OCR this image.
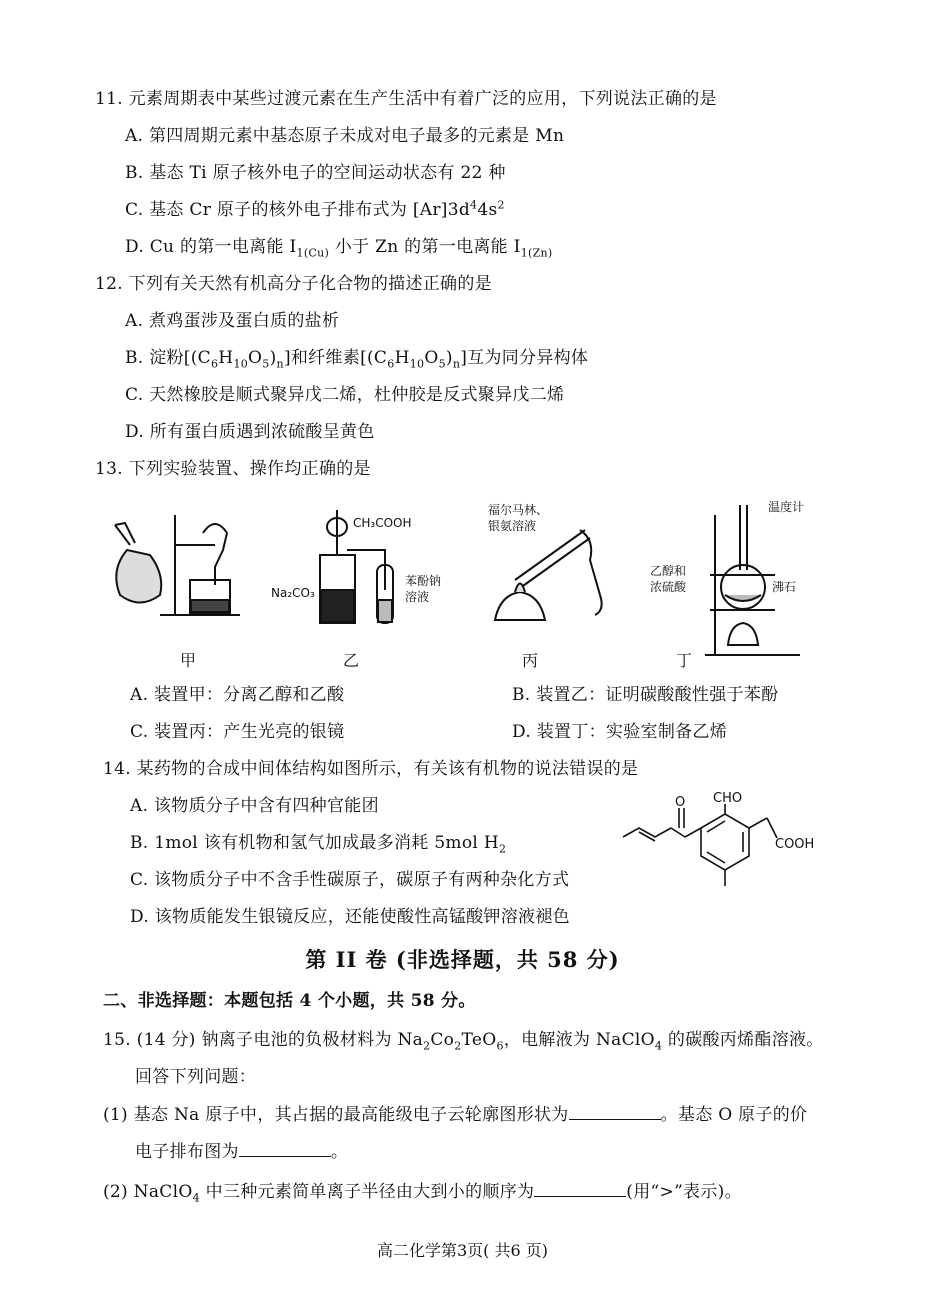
11. 元素周期表中某些过渡元素在生产生活中有着广泛的应用，下列说法正确的是
A. 第四周期元素中基态原子未成对电子最多的元素是 Mn
B. 基态 Ti 原子核外电子的空间运动状态有 22 种
C. 基态 Cr 原子的核外电子排布式为 $[Ar]3d^44s^2$
D. Cu 的第一电离能 $I_{1(Cu)}$ 小于 Zn 的第一电离能 $I_{1(Zn)}$
12. 下列有关天然有机高分子化合物的描述正确的是
A. 煮鸡蛋涉及蛋白质的盐析
B. 淀粉$[(C_6H_{10}O_5)_n]$和纤维素$[(C_6H_{10}O_5)_n]$互为同分异构体
C. 天然橡胶是顺式聚异戊二烯，杜仲胶是反式聚异戊二烯
D. 所有蛋白质遇到浓硫酸呈黄色
13. 下列实验装置、操作均正确的是
甲
CH₃COOH
Na₂CO₃
苯酚钠
溶液
乙
福尔马林、
银氨溶液
丙
温度计
乙醇和
浓硫酸	沸石
丁
A. 装置甲：分离乙醇和乙酸	B. 装置乙：证明碳酸酸性强于苯酚
C. 装置丙：产生光亮的银镜	D. 装置丁：实验室制备乙烯
14. 某药物的合成中间体结构如图所示，有关该有机物的说法错误的是
A. 该物质分子中含有四种官能团
B. 1mol 该有机物和氢气加成最多消耗 5mol $H_2$
C. 该物质分子中不含手性碳原子，碳原子有两种杂化方式
D. 该物质能发生银镜反应，还能使酸性高锰酸钾溶液褪色
O CHO
COOH
第 II 卷 (非选择题，共 58 分)
二、非选择题：本题包括 4 个小题，共 58 分。
15. (14 分) 钠离子电池的负极材料为 $Na_2Co_2TeO_6$，电解液为 NaClO$_4$ 的碳酸丙烯酯溶液。
回答下列问题：
(1) 基态 Na 原子中，其占据的最高能级电子云轮廓图形状为	。基态 O 原子的价
电子排布图为	。
(2) NaClO$_4$ 中三种元素简单离子半径由大到小的顺序为	(用“>”表示)。
高二化学第3页( 共6 页)
